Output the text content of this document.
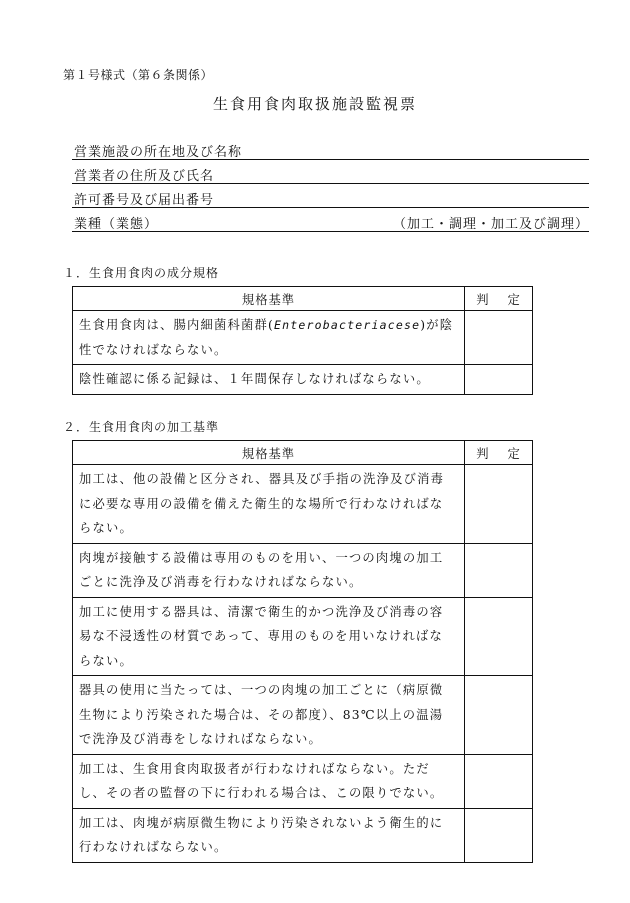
第１号様式（第６条関係）
生食用食肉取扱施設監視票
営業施設の所在地及び名称
営業者の住所及び氏名
許可番号及び届出番号
業種（業態）	（加工・調理・加工及び調理）
１．生食用食肉の成分規格
規格基準	判 定
生食用食肉は、腸内細菌科菌群(Enterobacteriacese)が陰性でなければならない。	
陰性確認に係る記録は、１年間保存しなければならない。	
２．生食用食肉の加工基準
規格基準	判 定
加工は、他の設備と区分され、器具及び手指の洗浄及び消毒に必要な専用の設備を備えた衛生的な場所で行わなければならない。	
肉塊が接触する設備は専用のものを用い、一つの肉塊の加工ごとに洗浄及び消毒を行わなければならない。	
加工に使用する器具は、清潔で衛生的かつ洗浄及び消毒の容易な不浸透性の材質であって、専用のものを用いなければならない。	
器具の使用に当たっては、一つの肉塊の加工ごとに（病原微生物により汚染された場合は、その都度）、83℃以上の温湯で洗浄及び消毒をしなければならない。	
加工は、生食用食肉取扱者が行わなければならない。ただし、その者の監督の下に行われる場合は、この限りでない。	
加工は、肉塊が病原微生物により汚染されないよう衛生的に行わなければならない。	
